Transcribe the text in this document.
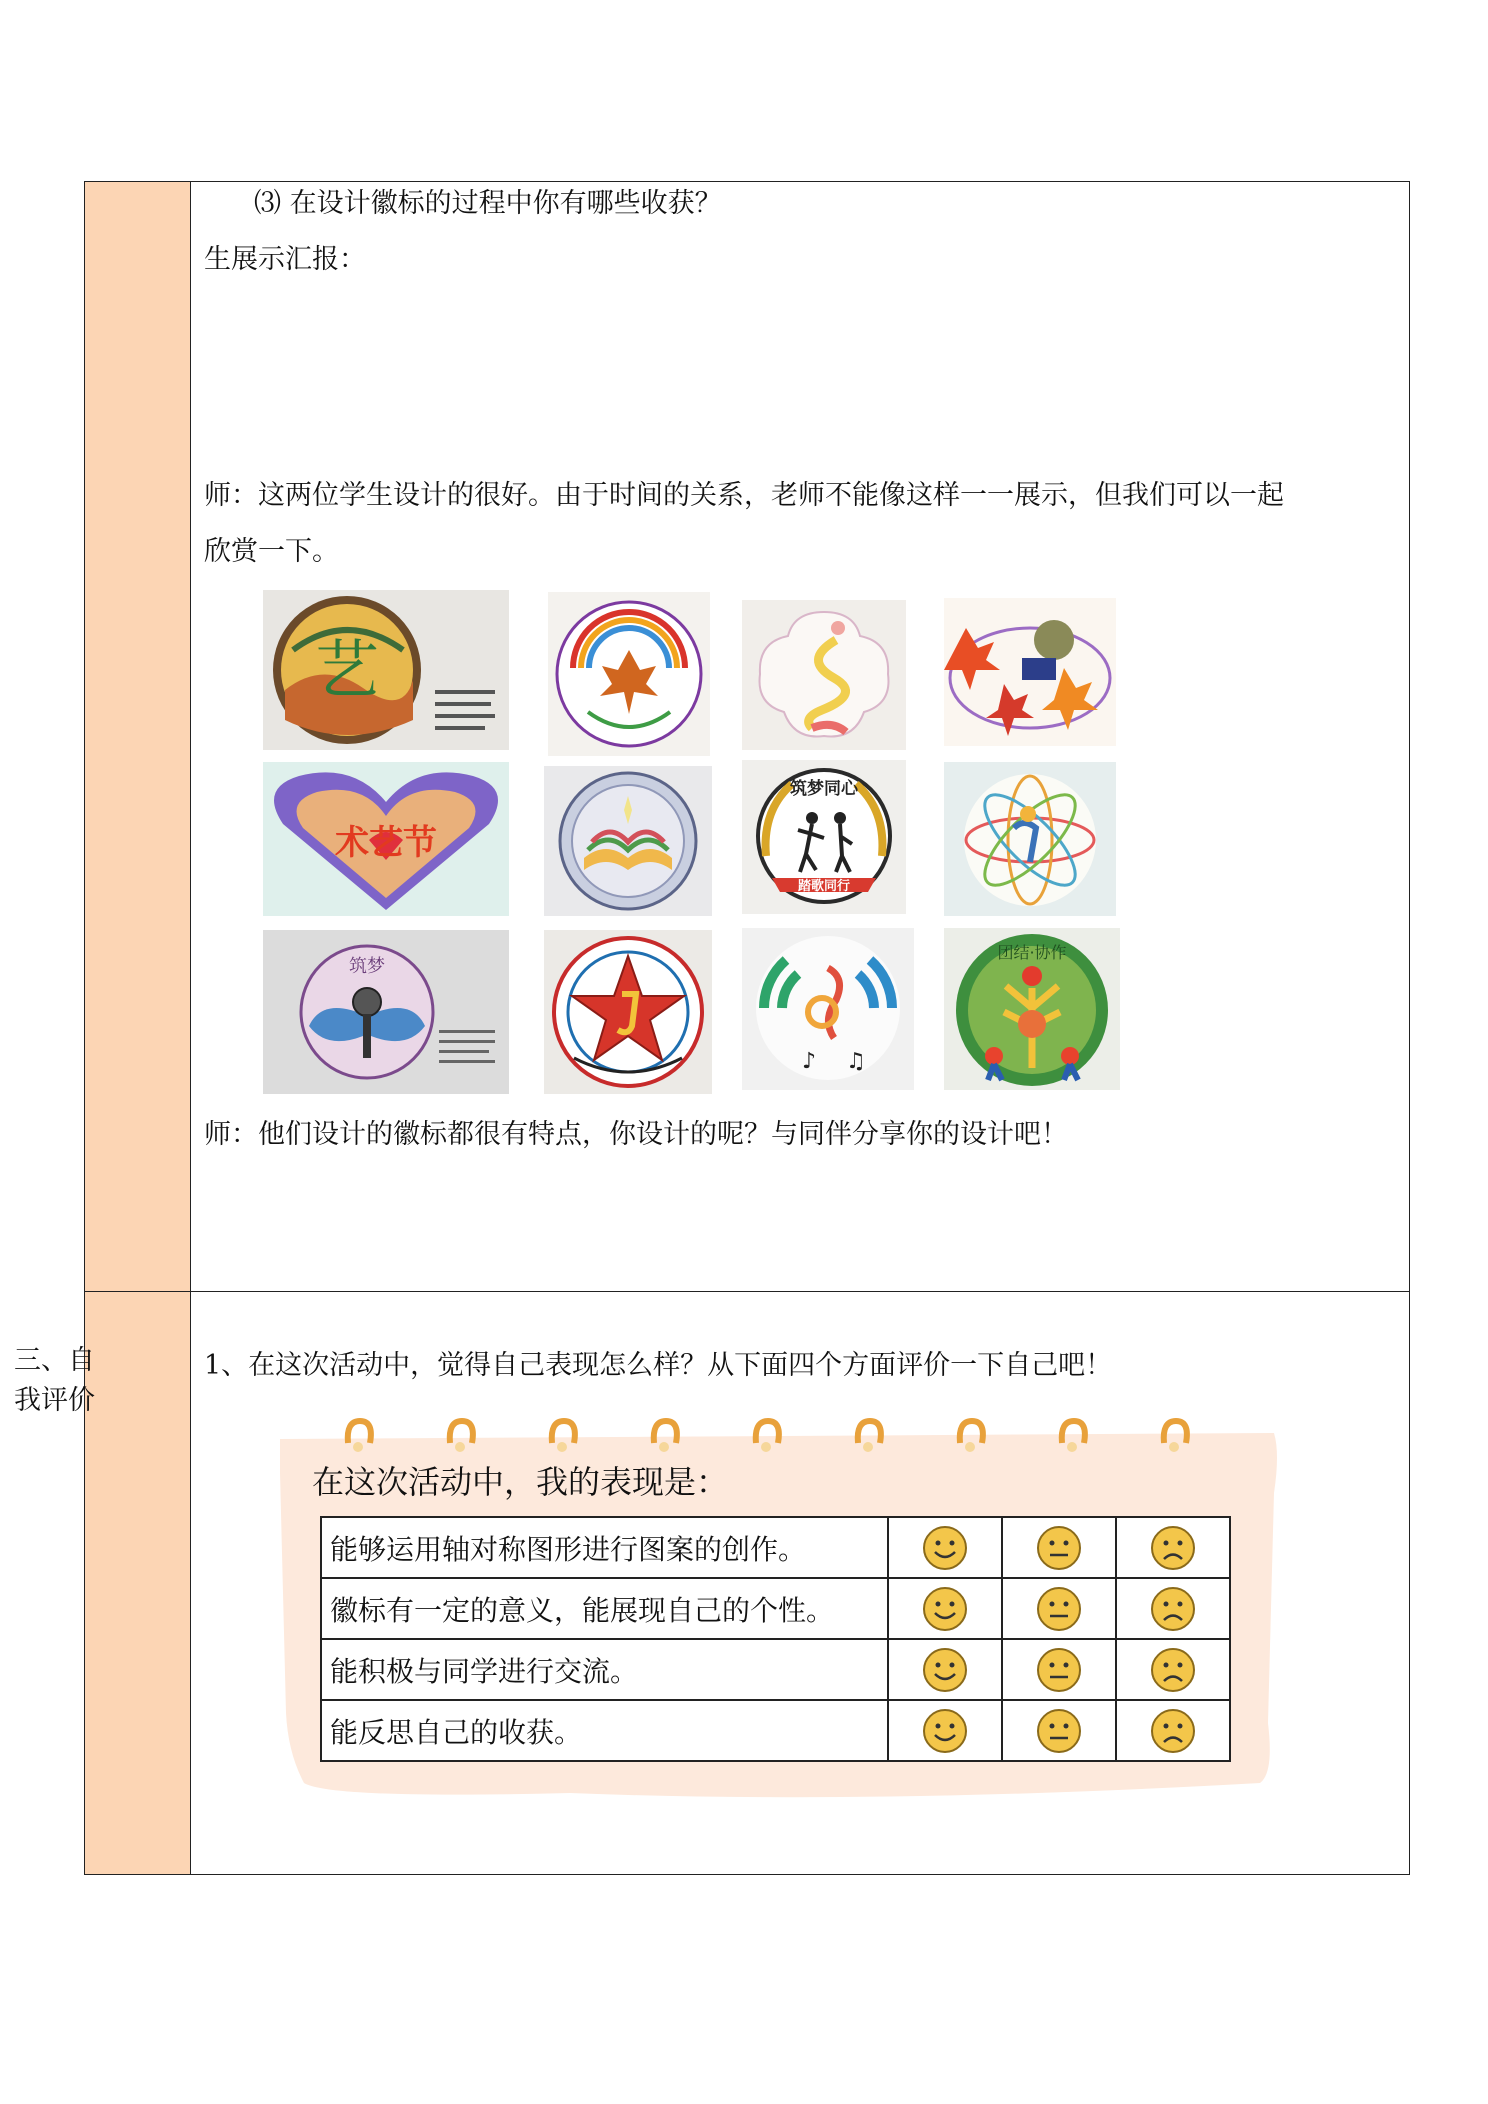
三、自我评价
⑶ 在设计徽标的过程中你有哪些收获？
生展示汇报：
师：这两位学生设计的很好。由于时间的关系，老师不能像这样一一展示，但我们可以一起
欣赏一下。
艺
术艺节
筑梦同心
踏歌同行
筑梦
♪ ♫
团结·协作
师：他们设计的徽标都很有特点，你设计的呢？与同伴分享你的设计吧！
1、在这次活动中，觉得自己表现怎么样？从下面四个方面评价一下自己吧！
在这次活动中，我的表现是：
能够运用轴对称图形进行图案的创作。			
徽标有一定的意义，能展现自己的个性。			
能积极与同学进行交流。			
能反思自己的收获。			
